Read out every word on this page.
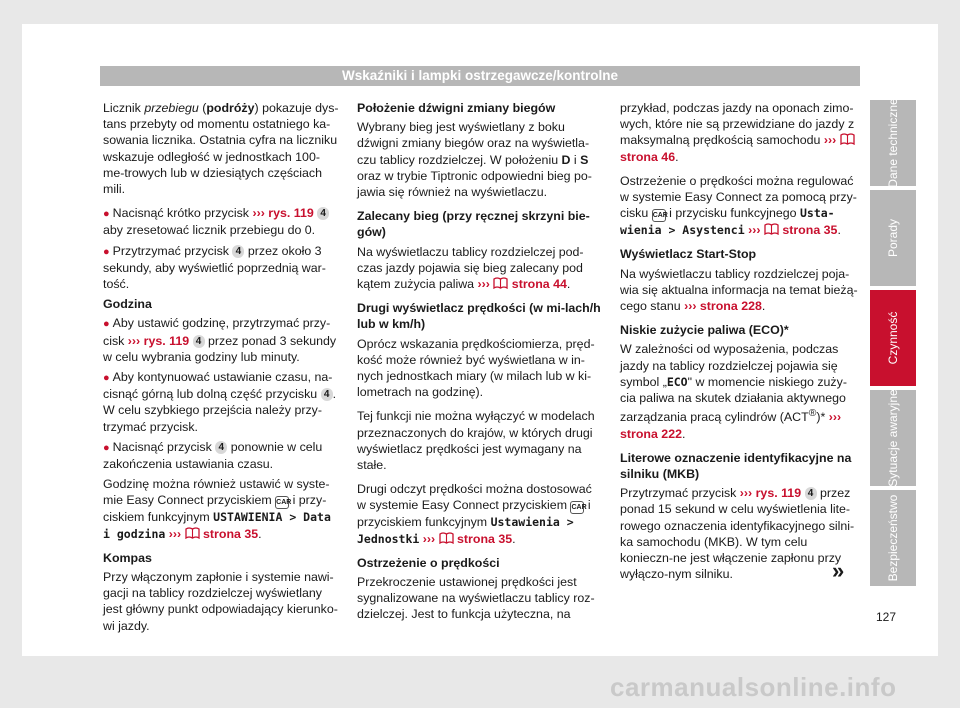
Wskaźniki i lampki ostrzegawcze/kontrolne
Licznik przebiegu (podróży) pokazuje dys-tans przebyty od momentu ostatniego ka-sowania licznika. Ostatnia cyfra na liczniku wskazuje odległość w jednostkach 100-me-trowych lub w dziesiątych częściach mili.
● Nacisnąć krótko przycisk ››› rys. 119 4 aby zresetować licznik przebiegu do 0.
● Przytrzymać przycisk 4 przez około 3 sekundy, aby wyświetlić poprzednią war-tość.
Godzina
● Aby ustawić godzinę, przytrzymać przy-cisk ››› rys. 119 4 przez ponad 3 sekundy w celu wybrania godziny lub minuty.
● Aby kontynuować ustawianie czasu, na-cisnąć górną lub dolną część przycisku 4 . W celu szybkiego przejścia należy przy-trzymać przycisk.
● Nacisnąć przycisk 4 ponownie w celu zakończenia ustawiania czasu.
Godzinę można również ustawić w syste-mie Easy Connect przyciskiem CAR i przy-ciskiem funkcyjnym USTAWIENIA > Data i godzina ›››  strona 35.
Kompas
Przy włączonym zapłonie i systemie nawi-gacji na tablicy rozdzielczej wyświetlany jest główny punkt odpowiadający kierunko-wi jazdy.
Położenie dźwigni zmiany biegów
Wybrany bieg jest wyświetlany z boku dźwigni zmiany biegów oraz na wyświetla-czu tablicy rozdzielczej. W położeniu D i S oraz w trybie Tiptronic odpowiedni bieg po-jawia się również na wyświetlaczu.
Zalecany bieg (przy ręcznej skrzyni bie-gów)
Na wyświetlaczu tablicy rozdzielczej pod-czas jazdy pojawia się bieg zalecany pod kątem zużycia paliwa ›››  strona 44.
Drugi wyświetlacz prędkości (w mi-lach/h lub w km/h)
Oprócz wskazania prędkościomierza, pręd-kość może również być wyświetlana w in-nych jednostkach miary (w milach lub w ki-lometrach na godzinę).
Tej funkcji nie można wyłączyć w modelach przeznaczonych do krajów, w których drugi wyświetlacz prędkości jest wymagany na stałe.
Drugi odczyt prędkości można dostosować w systemie Easy Connect przyciskiem CAR i przyciskiem funkcyjnym Ustawienia > Jednostki ›››  strona 35.
Ostrzeżenie o prędkości
Przekroczenie ustawionej prędkości jest sygnalizowane na wyświetlaczu tablicy roz-dzielczej. Jest to funkcja użyteczna, na
przykład, podczas jazdy na oponach zimo-wych, które nie są przewidziane do jazdy z maksymalną prędkością samochodu ›››  strona 46.
Ostrzeżenie o prędkości można regulować w systemie Easy Connect za pomocą przy-cisku CAR i przycisku funkcyjnego Usta-wienia > Asystenci ›››  strona 35.
Wyświetlacz Start-Stop
Na wyświetlaczu tablicy rozdzielczej poja-wia się aktualna informacja na temat bieżą-cego stanu ››› strona 228.
Niskie zużycie paliwa (ECO)*
W zależności od wyposażenia, podczas jazdy na tablicy rozdzielczej pojawia się symbol „ECO" w momencie niskiego zuży-cia paliwa na skutek działania aktywnego zarządzania pracą cylindrów (ACT®)* ››› strona 222.
Literowe oznaczenie identyfikacyjne na silniku (MKB)
Przytrzymać przycisk ››› rys. 119 4 przez ponad 15 sekund w celu wyświetlenia lite-rowego oznaczenia identyfikacyjnego silni-ka samochodu (MKB). W tym celu konieczn-ne jest włączenie zapłonu przy wyłączo-nym silniku.	»
Dane techniczne
Porady
Czynność
Sytuacje awaryjne
Bezpieczeństwo
127
carmanualsonline.info
